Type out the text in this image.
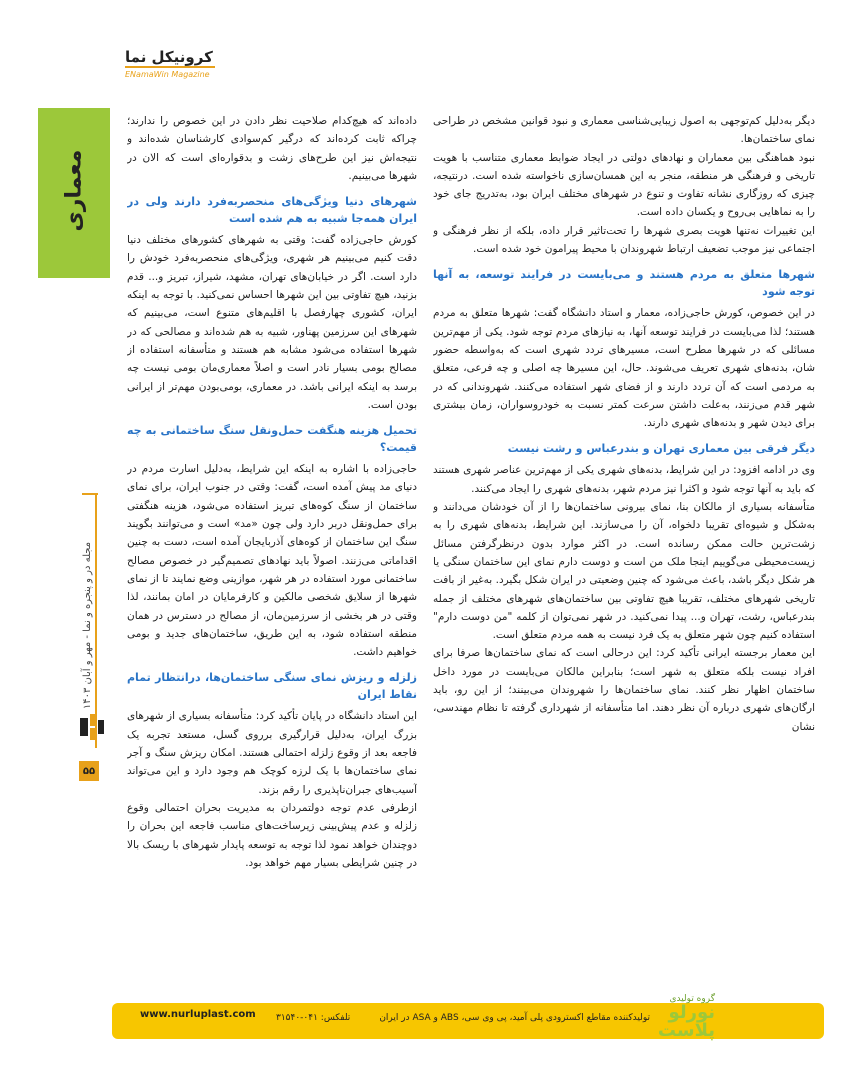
کرونیکل نما
ENamaWin Magazine
معماری
مجله در و پنجره و نما - مهر و آبان ۱۴۰۳
۵۵

دیگر به‌دلیل کم‌توجهی به اصول زیبایی‌شناسی معماری و نبود قوانین مشخص در طراحی نمای ساختمان‌ها.

نبود هماهنگی بین معماران و نهادهای دولتی در ایجاد ضوابط معماری متناسب با هویت تاریخی و فرهنگی هر منطقه، منجر به این همسان‌سازی ناخواسته شده است. درنتیجه، چیزی که روزگاری نشانه تفاوت و تنوع در شهرهای مختلف ایران بود، به‌تدریج جای خود را به نماهایی بی‌روح و یکسان داده است.

این تغییرات نه‌تنها هویت بصری شهرها را تحت‌تاثیر قرار داده، بلکه از نظر فرهنگی و اجتماعی نیز موجب تضعیف ارتباط شهروندان با محیط پیرامون خود شده است.

شهرها متعلق به مردم هستند و می‌بایست در فرایند توسعه، به آنها توجه شود

در این خصوص، کورش حاجی‌زاده، معمار و استاد دانشگاه گفت: شهرها متعلق به مردم هستند؛ لذا می‌بایست در فرایند توسعه آنها، به نیازهای مردم توجه شود. یکی از مهم‌ترین مسائلی که در شهرها مطرح است، مسیرهای تردد شهری است که به‌واسطه حضور شان، بدنه‌های شهری تعریف می‌شوند. حال، این مسیرها چه اصلی و چه فرعی، متعلق به مردمی است که آن تردد دارند و از فضای شهر استفاده می‌کنند. شهروندانی که در شهر قدم می‌زنند، به‌علت داشتن سرعت کمتر نسبت به خودروسواران، زمان بیشتری برای دیدن شهر و بدنه‌های شهری دارند.

دیگر فرقی بین معماری تهران و بندرعباس و رشت نیست

وی در ادامه افزود: در این شرایط، بدنه‌های شهری یکی از مهم‌ترین عناصر شهری هستند که باید به آنها توجه شود و اکثرا نیز مردم شهر، بدنه‌های شهری را ایجاد می‌کنند.

متأسفانه بسیاری از مالکان بنا، نمای بیرونی ساختمان‌ها را از آن خودشان می‌دانند و به‌شکل و شیوه‌ای تقریبا دلخواه، آن را می‌سازند. این شرایط، بدنه‌های شهری را به زشت‌ترین حالت ممکن رسانده است. در اکثر موارد بدون درنظرگرفتن مسائل زیست‌محیطی می‌گوییم اینجا ملک من است و دوست دارم نمای این ساختمان سنگی یا هر شکل دیگر باشد، باعث می‌شود که چنین وضعیتی در ایران شکل بگیرد. به‌غیر از بافت تاریخی شهرهای مختلف، تقریبا هیچ تفاوتی بین ساختمان‌های شهرهای مختلف از جمله بندرعباس، رشت، تهران و... پیدا نمی‌کنید. در شهر نمی‌توان از کلمه "من دوست دارم" استفاده کنیم چون شهر متعلق به یک فرد نیست به همه مردم متعلق است.

این معمار برجسته ایرانی تأکید کرد: این درحالی است که نمای ساختمان‌ها صرفا برای افراد نیست بلکه متعلق به شهر است؛ بنابراین مالکان می‌بایست در مورد داخل ساختمان اظهار نظر کنند. نمای ساختمان‌ها را شهروندان می‌بینند؛ از این رو، باید ارگان‌های شهری درباره آن نظر دهند. اما متأسفانه از شهرداری گرفته تا نظام مهندسی، نشان

داده‌اند که هیچ‌کدام صلاحیت نظر دادن در این خصوص را ندارند؛ چراکه ثابت کرده‌اند که درگیر کم‌سوادی کارشناسان شده‌اند و نتیجه‌اش نیز این طرح‌های زشت و بدقواره‌ای است که الان در شهرها می‌بینیم.

شهرهای دنیا ویژگی‌های منحصربه‌فرد دارند ولی در ایران همه‌جا شبیه به هم شده است

کورش حاجی‌زاده گفت: وقتی به شهرهای کشورهای مختلف دنیا دقت کنیم می‌بینیم هر شهری، ویژگی‌های منحصربه‌فرد خودش را دارد است. اگر در خیابان‌های تهران، مشهد، شیراز، تبریز و... قدم بزنید، هیچ تفاوتی بین این شهرها احساس نمی‌کنید. با توجه به اینکه ایران، کشوری چهارفصل با اقلیم‌های متنوع است، می‌بینیم که شهرهای این سرزمین پهناور، شبیه به هم شده‌اند و مصالحی که در شهرها استفاده می‌شود مشابه هم هستند و متأسفانه استفاده از مصالح بومی بسیار نادر است و اصلاً معماری‌مان بومی نیست چه برسد به اینکه ایرانی باشد. در معماری، بومی‌بودن مهم‌تر از ایرانی بودن است.

تحمیل هزینه هنگفت حمل‌ونقل سنگ ساختمانی به چه قیمت؟

حاجی‌زاده با اشاره به اینکه این شرایط، به‌دلیل اسارت مردم در دنیای مد پیش آمده است، گفت: وقتی در جنوب ایران، برای نمای ساختمان از سنگ کوه‌های تبریز استفاده می‌شود، هزینه هنگفتی برای حمل‌ونقل دربر دارد ولی چون «مد» است و می‌توانند بگویند سنگ این ساختمان از کوه‌های آذربایجان آمده است، دست به چنین اقداماتی می‌زنند. اصولاً باید نهادهای تصمیم‌گیر در خصوص مصالح ساختمانی مورد استفاده در هر شهر، موازینی وضع نمایند تا از نمای شهرها از سلایق شخصی مالکین و کارفرمایان در امان بمانند، لذا وقتی در هر بخشی از سرزمین‌مان، از مصالح در دسترس در همان منطقه استفاده شود، به این طریق، ساختمان‌های جدید و بومی خواهیم داشت.

زلزله و ریزش نمای سنگی ساختمان‌ها، درانتظار تمام نقاط ایران

این استاد دانشگاه در پایان تأکید کرد: متأسفانه بسیاری از شهرهای بزرگ ایران، به‌دلیل قرارگیری برروی گسل، مستعد تجربه یک فاجعه بعد از وقوع زلزله احتمالی هستند. امکان ریزش سنگ و آجر نمای ساختمان‌ها با یک لرزه کوچک هم وجود دارد و این می‌تواند آسیب‌های جبران‌ناپذیری را رقم بزند.

ازطرفی عدم توجه دولتمردان به مدیریت بحران احتمالی وقوع زلزله و عدم پیش‌بینی زیرساخت‌های مناسب فاجعه این بحران را دوچندان خواهد نمود لذا توجه به توسعه پایدار شهرهای با ریسک بالا در چنین شرایطی بسیار مهم خواهد بود.

www.nurluplast.com تلفکس: ۰۴۱-۳۱۵۴۰	تولیدکننده مقاطع اکسترودی پلی آمید، پی وی سی، ABS و ASA در ایران
گروه تولیدی
نورلو پلاست
